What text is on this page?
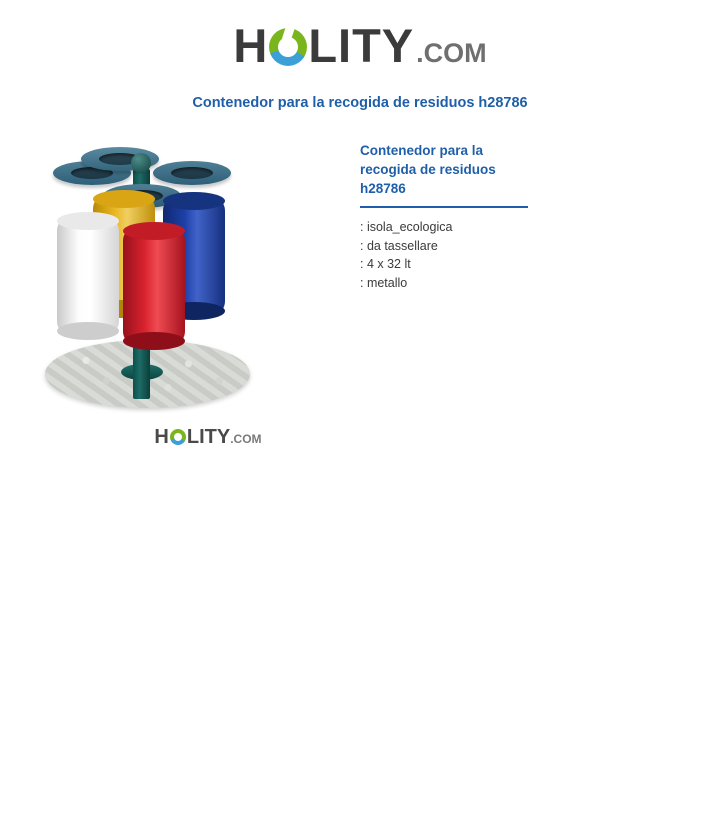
H LITY .COM
Contenedor para la recogida de residuos h28786
H LITY .COM
Contenedor para la recogida de residuos h28786
: isola_ecologica
: da tassellare
: 4 x 32 lt
: metallo
